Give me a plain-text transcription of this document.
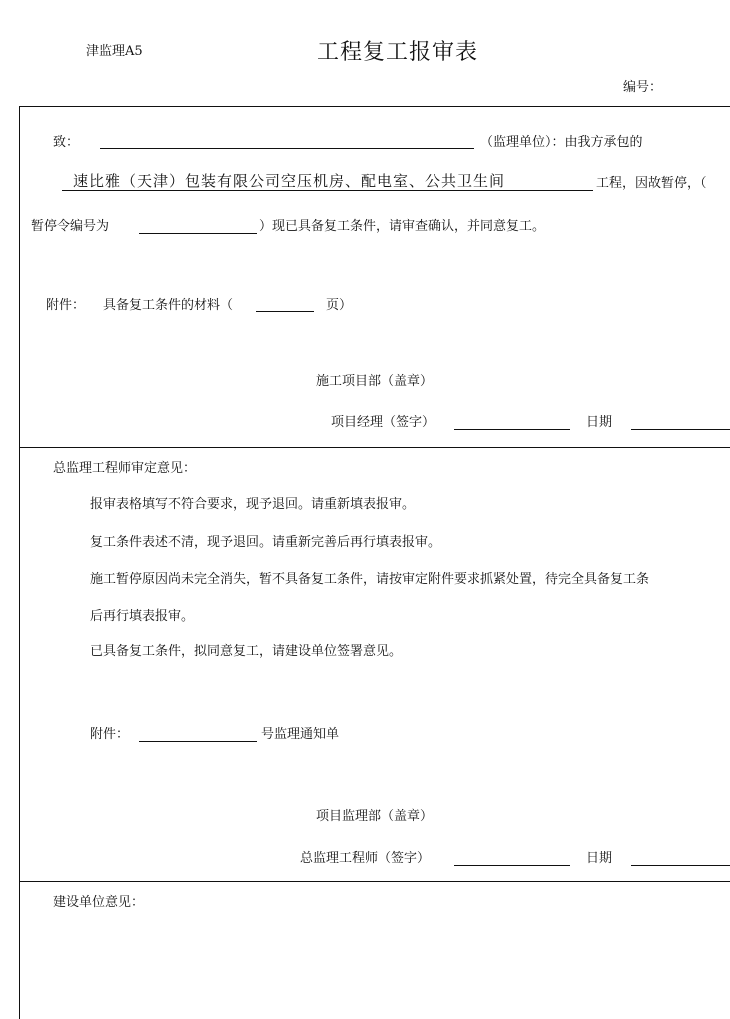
津监理A5	工程复工报审表
编号：
致：	（监理单位）：由我方承包的
速比雅（天津）包装有限公司空压机房、配电室、公共卫生间	工程，因故暂停，（
暂停令编号为	）现已具备复工条件，请审查确认，并同意复工。
附件： 具备复工条件的材料（	页）
施工项目部（盖章）
项目经理（签字）	日期
总监理工程师审定意见：
报审表格填写不符合要求，现予退回。请重新填表报审。
复工条件表述不清，现予退回。请重新完善后再行填表报审。
施工暂停原因尚未完全消失，暂不具备复工条件，请按审定附件要求抓紧处置，待完全具备复工条
后再行填表报审。
已具备复工条件，拟同意复工，请建设单位签署意见。
附件：	号监理通知单
项目监理部（盖章）
总监理工程师（签字）	日期
建设单位意见：
